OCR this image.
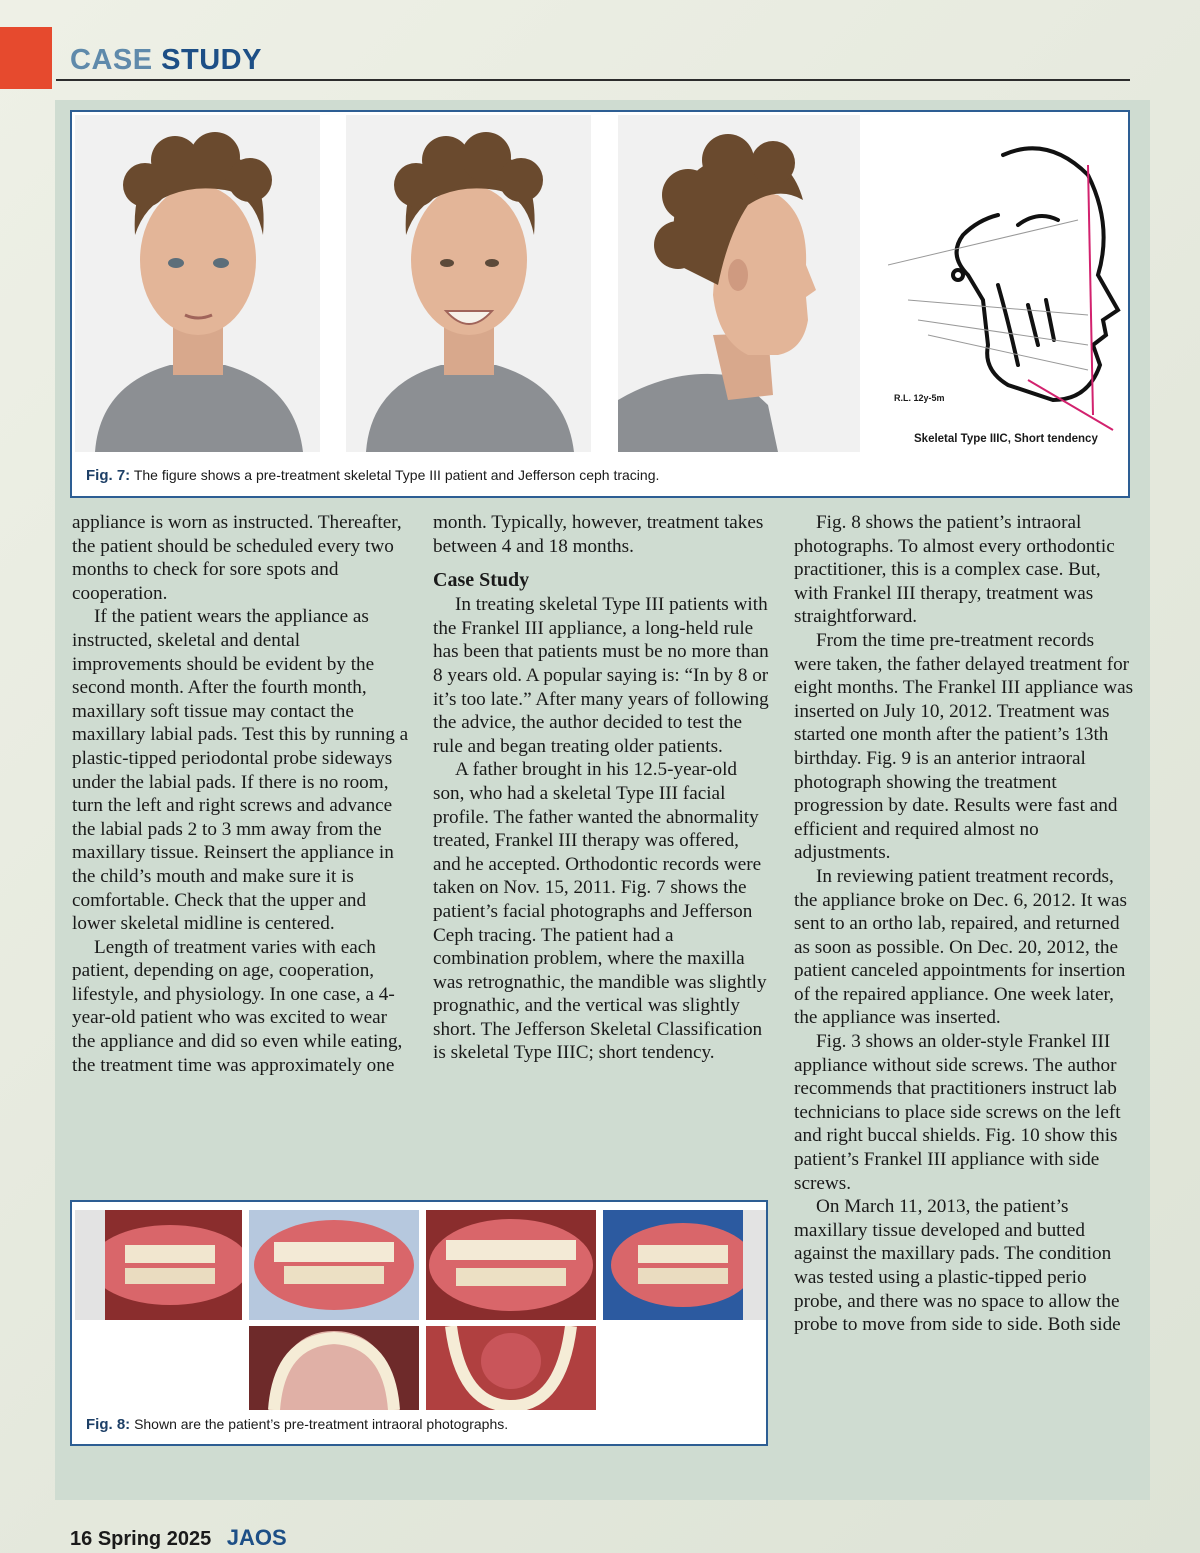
CASE STUDY
R.L. 12y-5m
Skeletal Type IIIC, Short tendency
Fig. 7: The figure shows a pre-treatment skeletal Type III patient and Jefferson ceph tracing.

appliance is worn as instructed. Thereafter, the patient should be scheduled every two months to check for sore spots and cooperation.

If the patient wears the appliance as instructed, skeletal and dental improvements should be evident by the second month. After the fourth month, maxillary soft tissue may contact the maxillary labial pads. Test this by running a plastic-tipped periodontal probe sideways under the labial pads. If there is no room, turn the left and right screws and advance the labial pads 2 to 3 mm away from the maxillary tissue. Reinsert the appliance in the child’s mouth and make sure it is comfortable. Check that the upper and lower skeletal midline is centered.

Length of treatment varies with each patient, depending on age, cooperation, lifestyle, and physiology. In one case, a 4-year-old patient who was excited to wear the appliance and did so even while eating, the treatment time was approximately one

month. Typically, however, treatment takes between 4 and 18 months.

Case Study

In treating skeletal Type III patients with the Frankel III appliance, a long-held rule has been that patients must be no more than 8 years old. A popular saying is: “In by 8 or it’s too late.” After many years of following the advice, the author decided to test the rule and began treating older patients.

A father brought in his 12.5-year-old son, who had a skeletal Type III facial profile. The father wanted the abnormality treated, Frankel III therapy was offered, and he accepted. Orthodontic records were taken on Nov. 15, 2011. Fig. 7 shows the patient’s facial photographs and Jefferson Ceph tracing. The patient had a combination problem, where the maxilla was retrognathic, the mandible was slightly prognathic, and the vertical was slightly short. The Jefferson Skeletal Classification is skeletal Type IIIC; short tendency.

Fig. 8 shows the patient’s intraoral photographs. To almost every orthodontic practitioner, this is a complex case. But, with Frankel III therapy, treatment was straightforward.

From the time pre-treatment records were taken, the father delayed treatment for eight months. The Frankel III appliance was inserted on July 10, 2012. Treatment was started one month after the patient’s 13th birthday. Fig. 9 is an anterior intraoral photograph showing the treatment progression by date. Results were fast and efficient and required almost no adjustments.

In reviewing patient treatment records, the appliance broke on Dec. 6, 2012. It was sent to an ortho lab, repaired, and returned as soon as possible. On Dec. 20, 2012, the patient canceled appointments for insertion of the repaired appliance. One week later, the appliance was inserted.

Fig. 3 shows an older-style Frankel III appliance without side screws. The author recommends that practitioners instruct lab technicians to place side screws on the left and right buccal shields. Fig. 10 show this patient’s Frankel III appliance with side screws.

On March 11, 2013, the patient’s maxillary tissue developed and butted against the maxillary pads. The condition was tested using a plastic-tipped perio probe, and there was no space to allow the probe to move from side to side. Both side

Fig. 8: Shown are the patient’s pre-treatment intraoral photographs.
16 Spring 2025 JAOS
